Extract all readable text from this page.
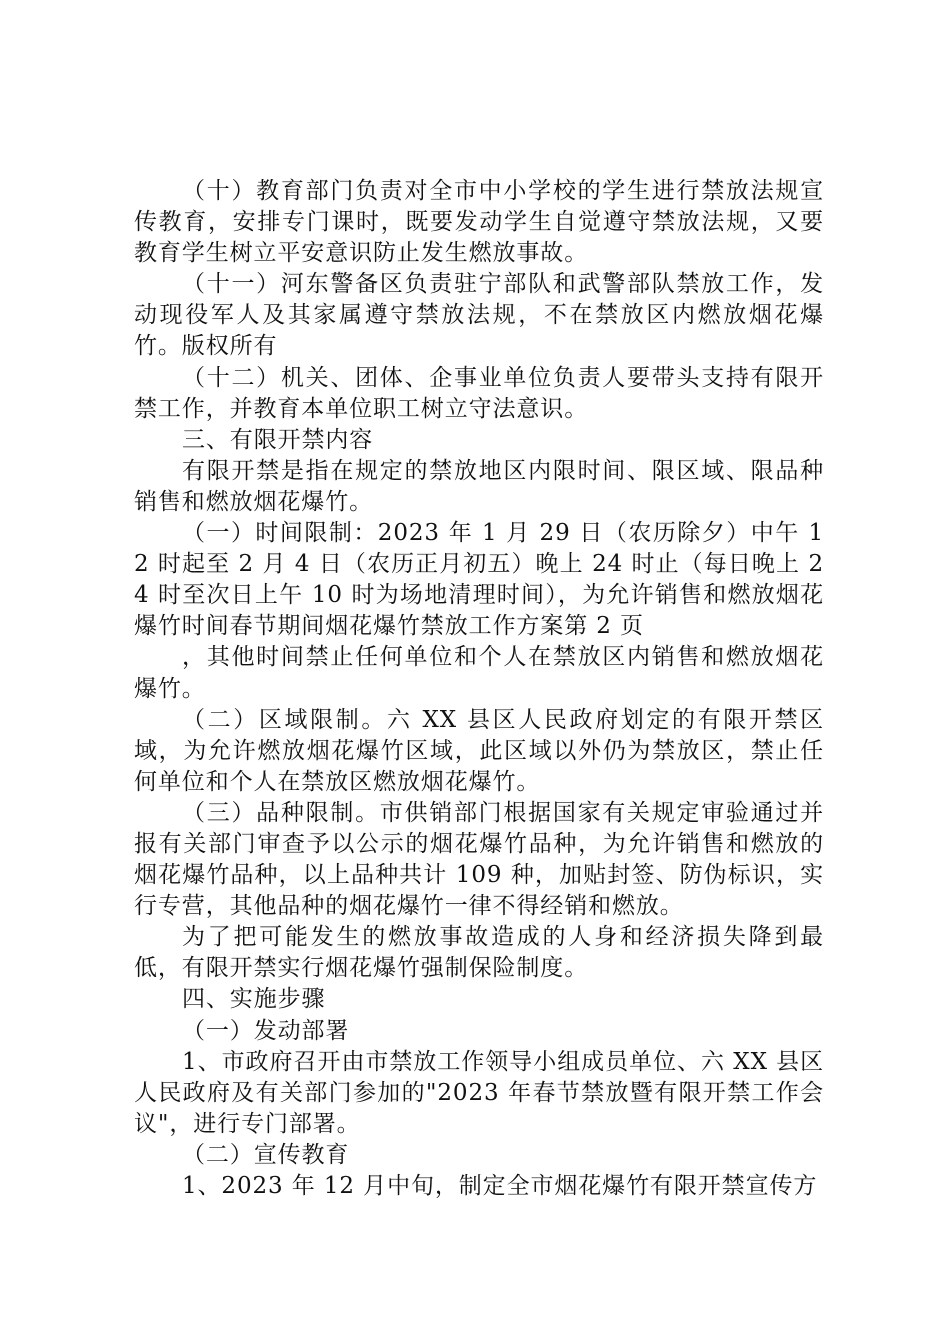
（十）教育部门负责对全市中小学校的学生进行禁放法规宣传教育，安排专门课时，既要发动学生自觉遵守禁放法规，又要教育学生树立平安意识防止发生燃放事故。

（十一）河东警备区负责驻宁部队和武警部队禁放工作，发动现役军人及其家属遵守禁放法规，不在禁放区内燃放烟花爆竹。版权所有

（十二）机关、团体、企事业单位负责人要带头支持有限开禁工作，并教育本单位职工树立守法意识。

三、有限开禁内容

有限开禁是指在规定的禁放地区内限时间、限区域、限品种销售和燃放烟花爆竹。

（一）时间限制：2023 年 1 月 29 日（农历除夕）中午 12 时起至 2 月 4 日（农历正月初五）晚上 24 时止（每日晚上 24 时至次日上午 10 时为场地清理时间），为允许销售和燃放烟花爆竹时间春节期间烟花爆竹禁放工作方案第 2 页

，其他时间禁止任何单位和个人在禁放区内销售和燃放烟花爆竹。

（二）区域限制。六 XX 县区人民政府划定的有限开禁区域，为允许燃放烟花爆竹区域，此区域以外仍为禁放区，禁止任何单位和个人在禁放区燃放烟花爆竹。

（三）品种限制。市供销部门根据国家有关规定审验通过并报有关部门审查予以公示的烟花爆竹品种，为允许销售和燃放的烟花爆竹品种，以上品种共计 109 种，加贴封签、防伪标识，实行专营，其他品种的烟花爆竹一律不得经销和燃放。

为了把可能发生的燃放事故造成的人身和经济损失降到最低，有限开禁实行烟花爆竹强制保险制度。

四、实施步骤

（一）发动部署

1、市政府召开由市禁放工作领导小组成员单位、六 XX 县区人民政府及有关部门参加的"2023 年春节禁放暨有限开禁工作会议"，进行专门部署。

（二）宣传教育

1、2023 年 12 月中旬，制定全市烟花爆竹有限开禁宣传方
